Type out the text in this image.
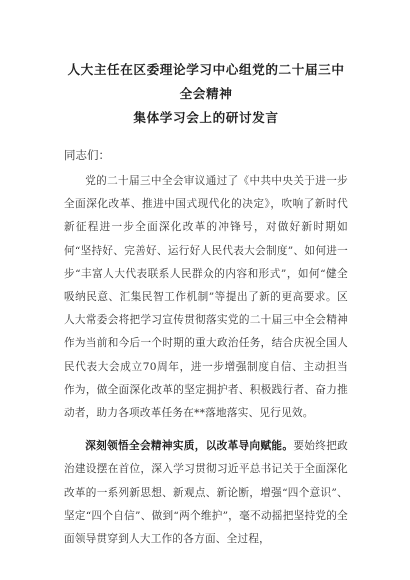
人大主任在区委理论学习中心组党的二十届三中全会精神

集体学习会上的研讨发言

同志们：

党的二十届三中全会审议通过了《中共中央关于进一步全面深化改革、推进中国式现代化的决定》，吹响了新时代新征程进一步全面深化改革的冲锋号，对做好新时期如何“坚持好、完善好、运行好人民代表大会制度”、如何进一步“丰富人大代表联系人民群众的内容和形式”，如何“健全吸纳民意、汇集民智工作机制”等提出了新的更高要求。区人大常委会将把学习宣传贯彻落实党的二十届三中全会精神作为当前和今后一个时期的重大政治任务，结合庆祝全国人民代表大会成立70周年，进一步增强制度自信、主动担当作为，做全面深化改革的坚定拥护者、积极践行者、奋力推动者，助力各项改革任务在**落地落实、见行见效。

深刻领悟全会精神实质，以改革导向赋能。要始终把政治建设摆在首位，深入学习贯彻习近平总书记关于全面深化改革的一系列新思想、新观点、新论断，增强“四个意识”、坚定“四个自信”、做到“两个维护”，毫不动摇把坚持党的全面领导贯穿到人大工作的各方面、全过程，
